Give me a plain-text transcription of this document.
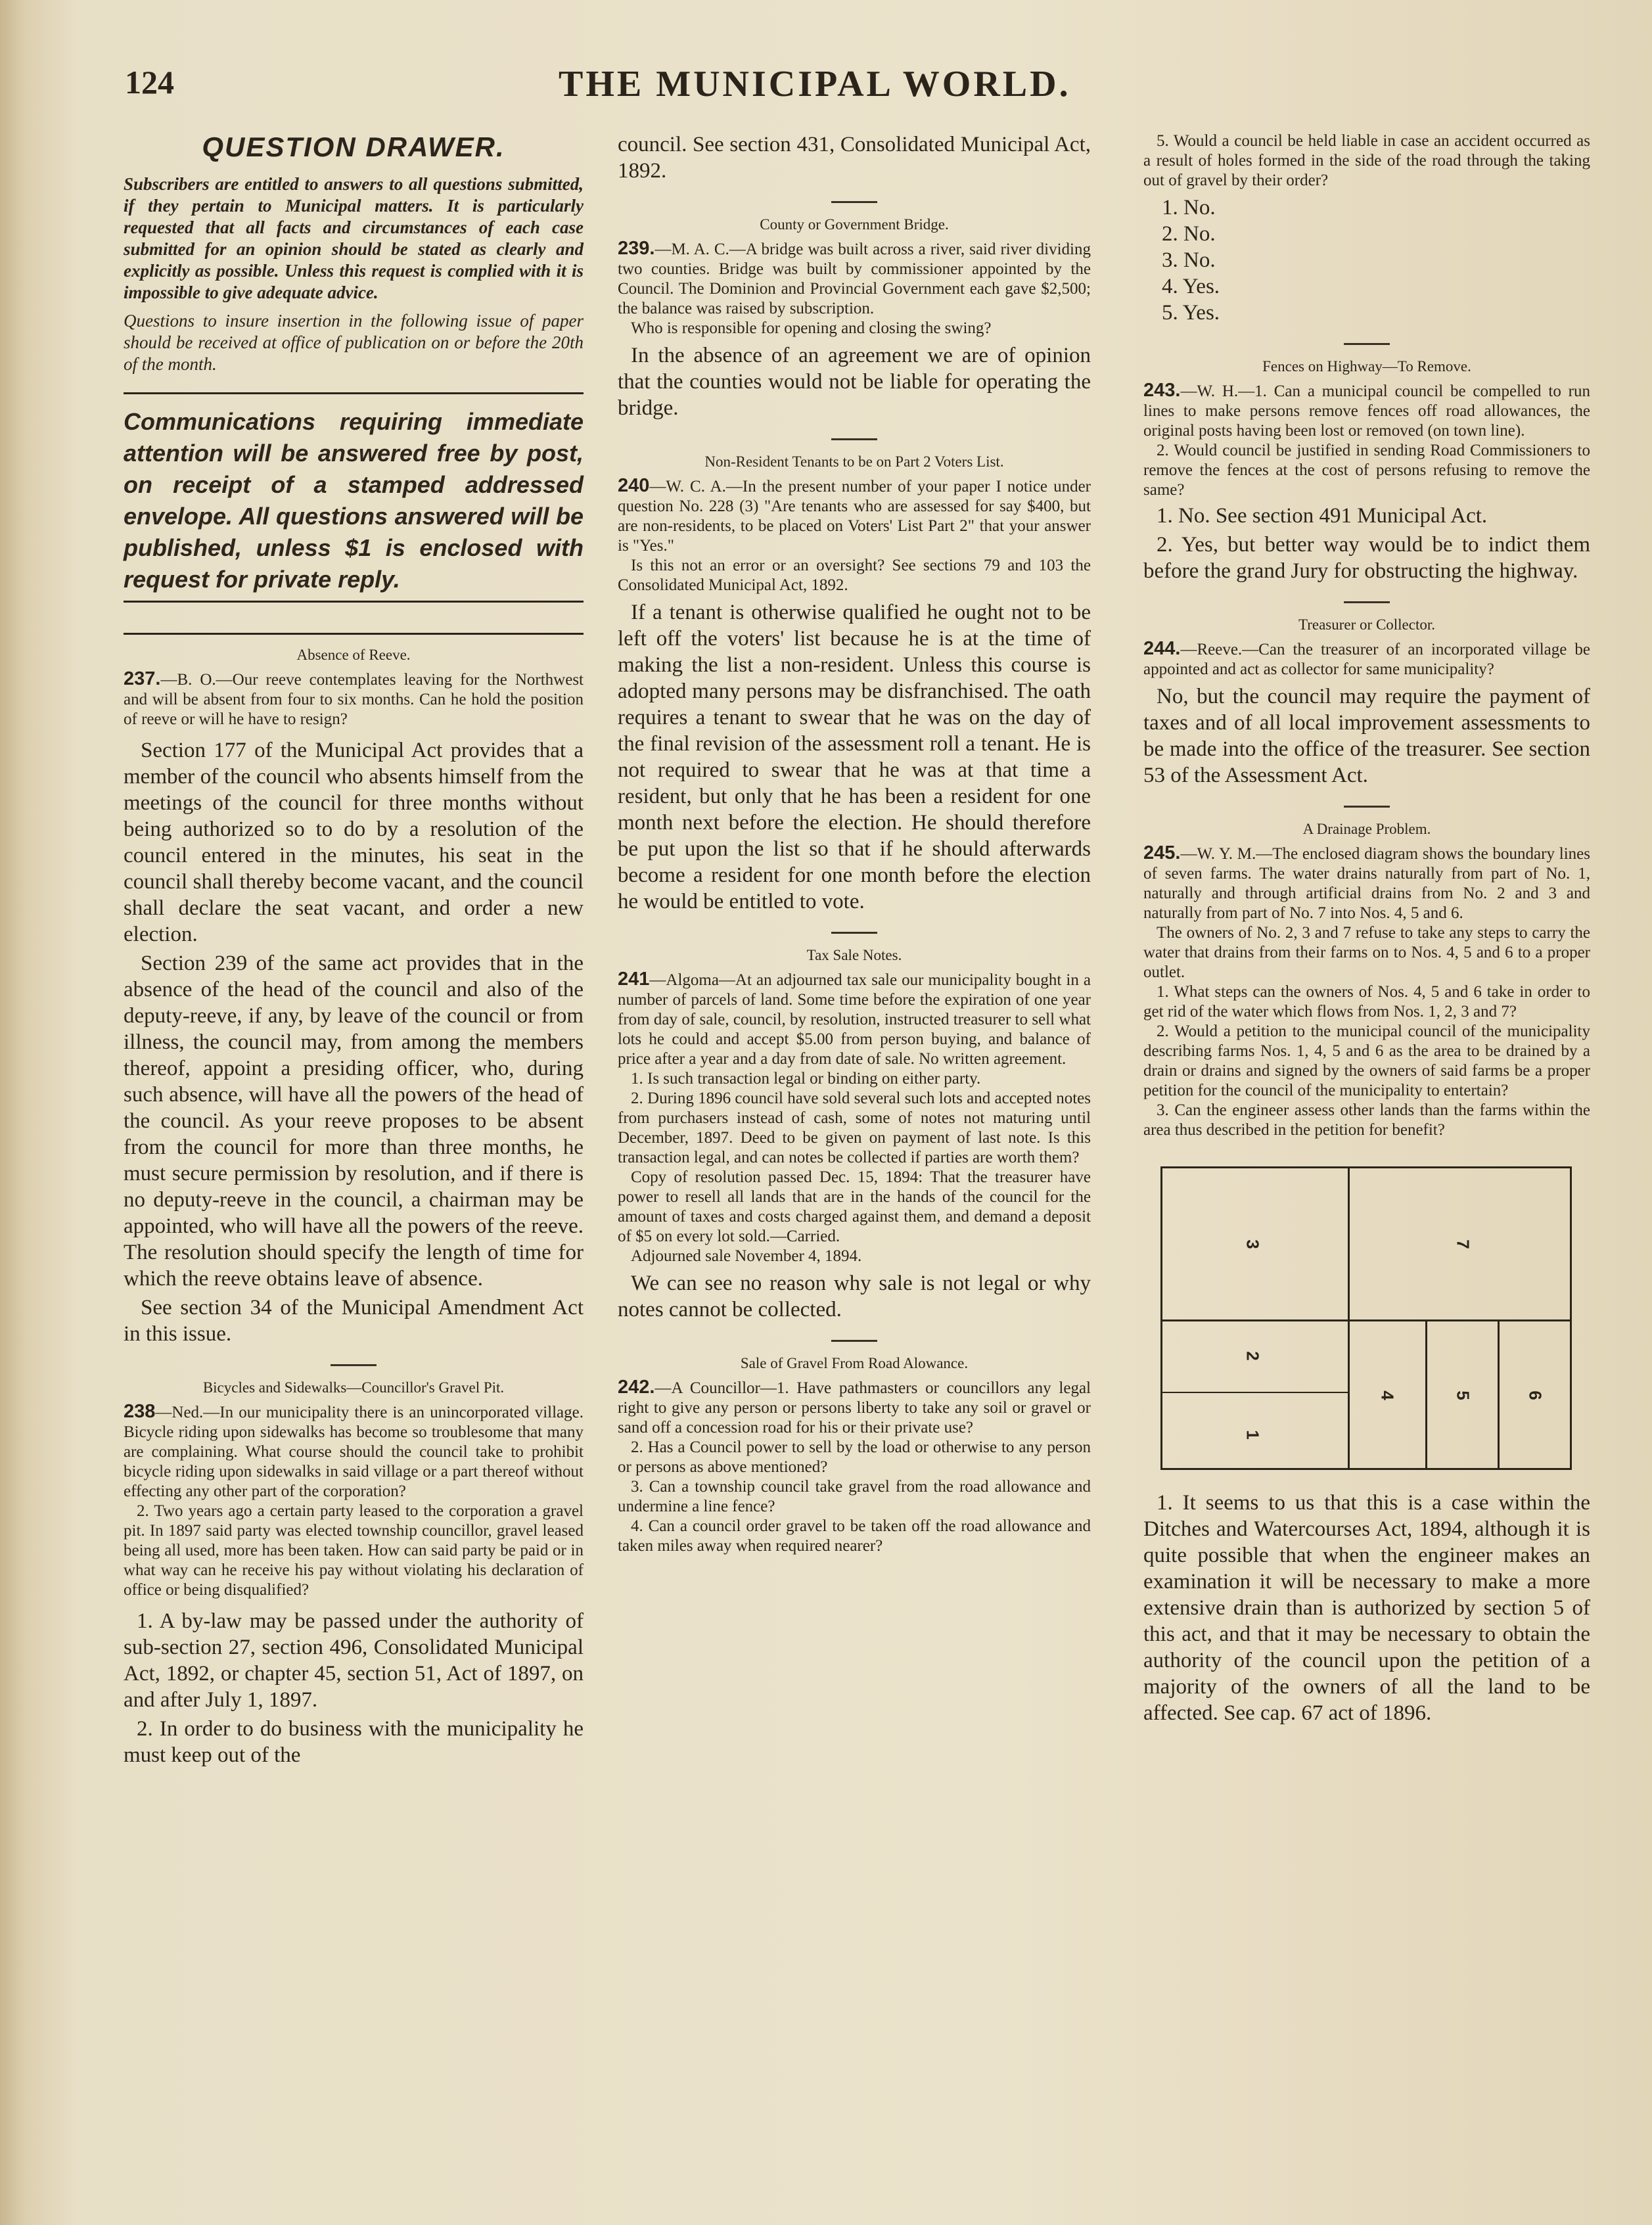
124	THE MUNICIPAL WORLD.
QUESTION DRAWER.

Subscribers are entitled to answers to all questions submitted, if they pertain to Municipal matters. It is particularly requested that all facts and circumstances of each case submitted for an opinion should be stated as clearly and explicitly as possible. Unless this request is complied with it is impossible to give adequate advice.

Questions to insure insertion in the following issue of paper should be received at office of publication on or before the 20th of the month.

Communications requiring immediate attention will be answered free by post, on receipt of a stamped addressed envelope. All questions answered will be published, unless $1 is enclosed with request for private reply.

Absence of Reeve.

237.—B. O.—Our reeve contemplates leaving for the Northwest and will be absent from four to six months. Can he hold the position of reeve or will he have to resign?

Section 177 of the Municipal Act provides that a member of the council who absents himself from the meetings of the council for three months without being authorized so to do by a resolution of the council entered in the minutes, his seat in the council shall thereby become vacant, and the council shall declare the seat vacant, and order a new election.

Section 239 of the same act provides that in the absence of the head of the council and also of the deputy-reeve, if any, by leave of the council or from illness, the council may, from among the members thereof, appoint a presiding officer, who, during such absence, will have all the powers of the head of the council. As your reeve proposes to be absent from the council for more than three months, he must secure permission by resolution, and if there is no deputy-reeve in the council, a chairman may be appointed, who will have all the powers of the reeve. The resolution should specify the length of time for which the reeve obtains leave of absence.

See section 34 of the Municipal Amendment Act in this issue.

Bicycles and Sidewalks—Councillor's Gravel Pit.

238—Ned.—In our municipality there is an unincorporated village. Bicycle riding upon sidewalks has become so troublesome that many are complaining. What course should the council take to prohibit bicycle riding upon sidewalks in said village or a part thereof without effecting any other part of the corporation?

2. Two years ago a certain party leased to the corporation a gravel pit. In 1897 said party was elected township councillor, gravel leased being all used, more has been taken. How can said party be paid or in what way can he receive his pay without violating his declaration of office or being disqualified?

1. A by-law may be passed under the authority of sub-section 27, section 496, Consolidated Municipal Act, 1892, or chapter 45, section 51, Act of 1897, on and after July 1, 1897.

2. In order to do business with the municipality he must keep out of the

council. See section 431, Consolidated Municipal Act, 1892.

County or Government Bridge.

239.—M. A. C.—A bridge was built across a river, said river dividing two counties. Bridge was built by commissioner appointed by the Council. The Dominion and Provincial Government each gave $2,500; the balance was raised by subscription.

Who is responsible for opening and closing the swing?

In the absence of an agreement we are of opinion that the counties would not be liable for operating the bridge.

Non-Resident Tenants to be on Part 2 Voters List.

240—W. C. A.—In the present number of your paper I notice under question No. 228 (3) "Are tenants who are assessed for say $400, but are non-residents, to be placed on Voters' List Part 2" that your answer is "Yes."

Is this not an error or an oversight? See sections 79 and 103 the Consolidated Municipal Act, 1892.

If a tenant is otherwise qualified he ought not to be left off the voters' list because he is at the time of making the list a non-resident. Unless this course is adopted many persons may be disfranchised. The oath requires a tenant to swear that he was on the day of the final revision of the assessment roll a tenant. He is not required to swear that he was at that time a resident, but only that he has been a resident for one month next before the election. He should therefore be put upon the list so that if he should afterwards become a resident for one month before the election he would be entitled to vote.

Tax Sale Notes.

241—Algoma—At an adjourned tax sale our municipality bought in a number of parcels of land. Some time before the expiration of one year from day of sale, council, by resolution, instructed treasurer to sell what lots he could and accept $5.00 from person buying, and balance of price after a year and a day from date of sale. No written agreement.

1. Is such transaction legal or binding on either party.

2. During 1896 council have sold several such lots and accepted notes from purchasers instead of cash, some of notes not maturing until December, 1897. Deed to be given on payment of last note. Is this transaction legal, and can notes be collected if parties are worth them?

Copy of resolution passed Dec. 15, 1894: That the treasurer have power to resell all lands that are in the hands of the council for the amount of taxes and costs charged against them, and demand a deposit of $5 on every lot sold.—Carried.

Adjourned sale November 4, 1894.

We can see no reason why sale is not legal or why notes cannot be collected.

Sale of Gravel From Road Alowance.

242.—A Councillor—1. Have pathmasters or councillors any legal right to give any person or persons liberty to take any soil or gravel or sand off a concession road for his or their private use?

2. Has a Council power to sell by the load or otherwise to any person or persons as above mentioned?

3. Can a township council take gravel from the road allowance and undermine a line fence?

4. Can a council order gravel to be taken off the road allowance and taken miles away when required nearer?

5. Would a council be held liable in case an accident occurred as a result of holes formed in the side of the road through the taking out of gravel by their order?

1. No.
2. No.
3. No.
4. Yes.
5. Yes.
Fences on Highway—To Remove.

243.—W. H.—1. Can a municipal council be compelled to run lines to make persons remove fences off road allowances, the original posts having been lost or removed (on town line).

2. Would council be justified in sending Road Commissioners to remove the fences at the cost of persons refusing to remove the same?

1. No. See section 491 Municipal Act.

2. Yes, but better way would be to indict them before the grand Jury for obstructing the highway.

Treasurer or Collector.

244.—Reeve.—Can the treasurer of an incorporated village be appointed and act as collector for same municipality?

No, but the council may require the payment of taxes and of all local improvement assessments to be made into the office of the treasurer. See section 53 of the Assessment Act.

A Drainage Problem.

245.—W. Y. M.—The enclosed diagram shows the boundary lines of seven farms. The water drains naturally from part of No. 1, naturally and through artificial drains from No. 2 and 3 and naturally from part of No. 7 into Nos. 4, 5 and 6.

The owners of No. 2, 3 and 7 refuse to take any steps to carry the water that drains from their farms on to Nos. 4, 5 and 6 to a proper outlet.

1. What steps can the owners of Nos. 4, 5 and 6 take in order to get rid of the water which flows from Nos. 1, 2, 3 and 7?

2. Would a petition to the municipal council of the municipality describing farms Nos. 1, 4, 5 and 6 as the area to be drained by a drain or drains and signed by the owners of said farms be a proper petition for the council of the municipality to entertain?

3. Can the engineer assess other lands than the farms within the area thus described in the petition for benefit?

3	7
2
1
4	5	6

1. It seems to us that this is a case within the Ditches and Watercourses Act, 1894, although it is quite possible that when the engineer makes an examination it will be necessary to make a more extensive drain than is authorized by section 5 of this act, and that it may be necessary to obtain the authority of the council upon the petition of a majority of the owners of all the land to be affected. See cap. 67 act of 1896.
